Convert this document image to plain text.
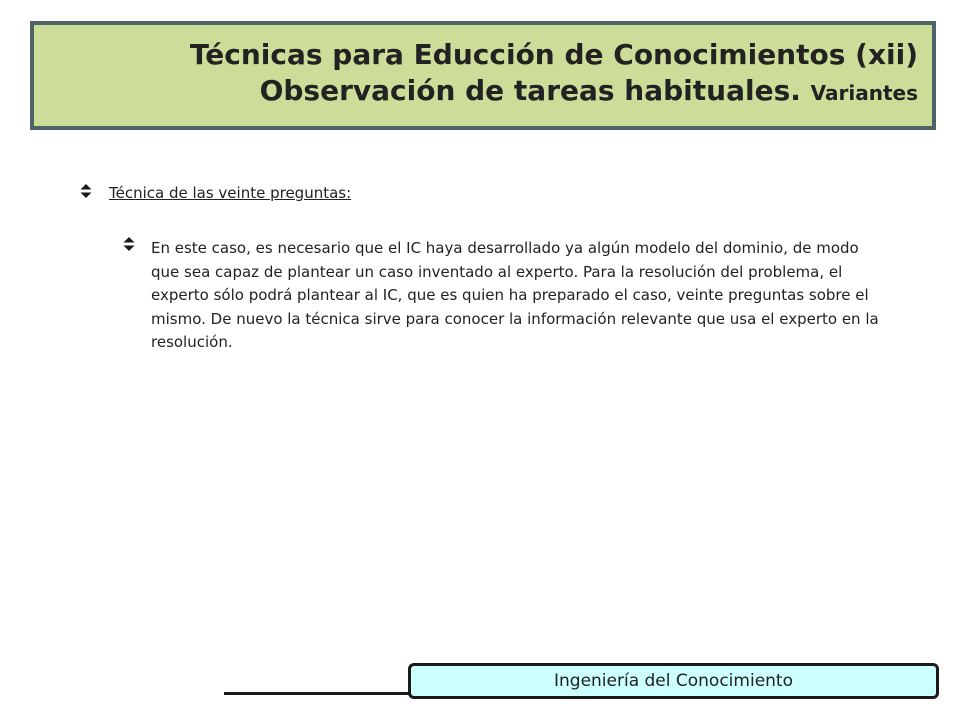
Técnicas para Educción de Conocimientos (xii)
Observación de tareas habituales. Variantes
Técnica de las veinte preguntas:

En este caso, es necesario que el IC haya desarrollado ya algún modelo del dominio, de modo que sea capaz de plantear un caso inventado al experto. Para la resolución del problema, el experto sólo podrá plantear al IC, que es quien ha preparado el caso, veinte preguntas sobre el mismo. De nuevo la técnica sirve para conocer la información relevante que usa el experto en la resolución.

Ingeniería del Conocimiento
